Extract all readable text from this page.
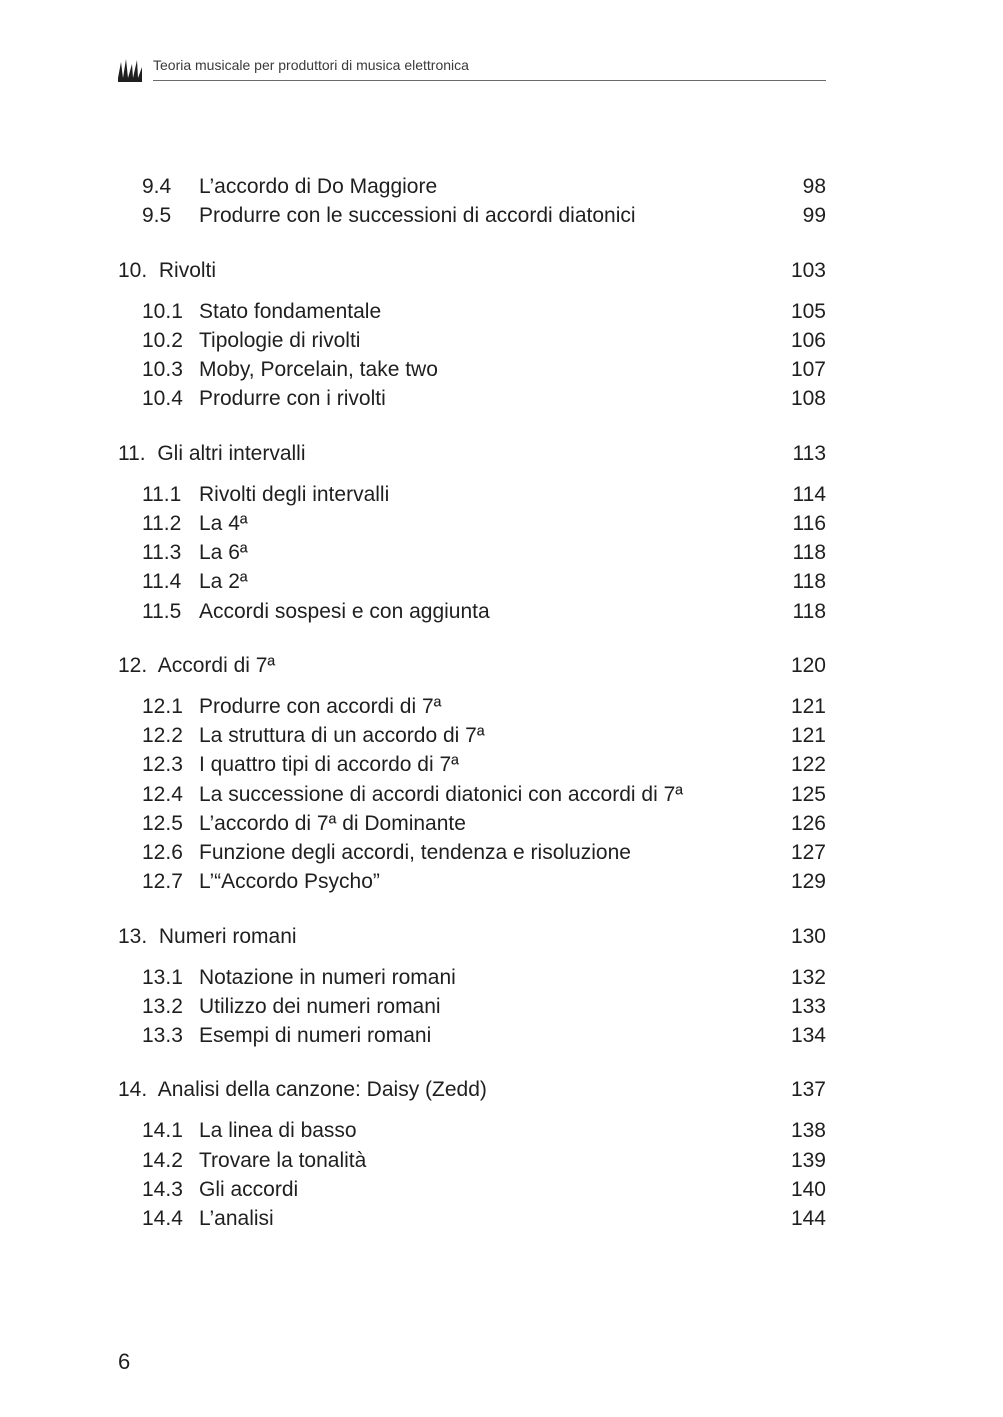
Teoria musicale per produttori di musica elettronica
9.4	L’accordo di Do Maggiore	98
9.5	Produrre con le successioni di accordi diatonici	99
10. Rivolti	103
10.1 Stato fondamentale	105
10.2 Tipologie di rivolti	106
10.3 Moby, Porcelain, take two	107
10.4 Produrre con i rivolti	108
11. Gli altri intervalli	113
11.1 Rivolti degli intervalli	114
11.2 La 4ª	116
11.3 La 6ª	118
11.4 La 2ª	118
11.5 Accordi sospesi e con aggiunta	118
12. Accordi di 7ª	120
12.1 Produrre con accordi di 7ª	121
12.2 La struttura di un accordo di 7ª	121
12.3 I quattro tipi di accordo di 7ª	122
12.4 La successione di accordi diatonici con accordi di 7ª	125
12.5 L’accordo di 7ª di Dominante	126
12.6 Funzione degli accordi, tendenza e risoluzione	127
12.7 L’“Accordo Psycho”	129
13. Numeri romani	130
13.1 Notazione in numeri romani	132
13.2 Utilizzo dei numeri romani	133
13.3 Esempi di numeri romani	134
14. Analisi della canzone: Daisy (Zedd)	137
14.1 La linea di basso	138
14.2 Trovare la tonalità	139
14.3 Gli accordi	140
14.4 L’analisi	144
6
